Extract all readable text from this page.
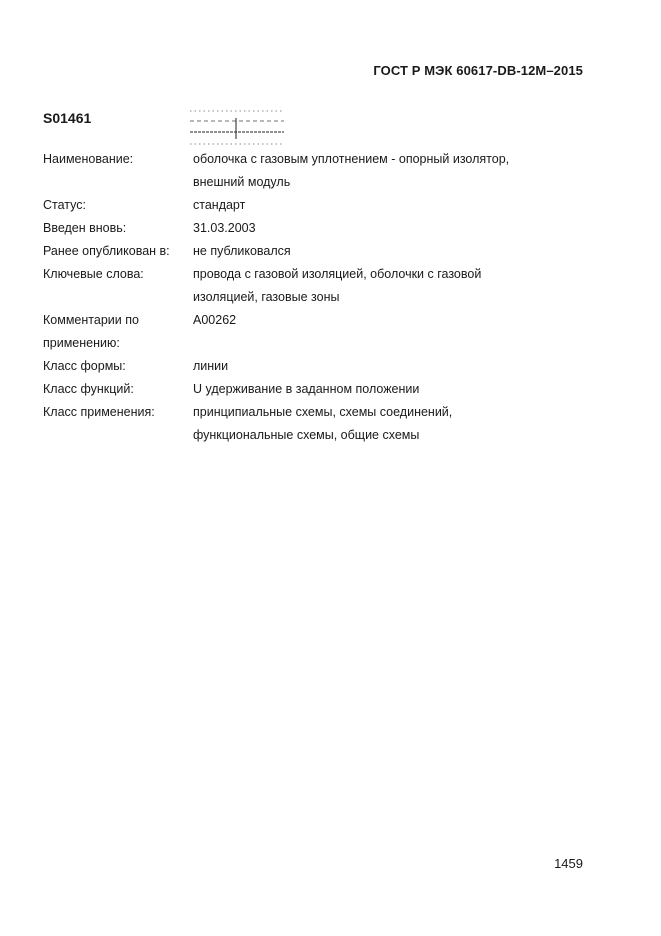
ГОСТ Р МЭК 60617-DB-12M–2015
S01461
Наименование:	оболочка с газовым уплотнением - опорный изолятор,
внешний модуль
Статус:	стандарт
Введен вновь:	31.03.2003
Ранее опубликован в:	не публиковался
Ключевые слова:	провода с газовой изоляцией, оболочки с газовой
изоляцией, газовые зоны
Комментарии по	A00262
применению:
Класс формы:	линии
Класс функций:	U удерживание в заданном положении
Класс применения:	принципиальные схемы, схемы соединений,
функциональные схемы, общие схемы
1459
